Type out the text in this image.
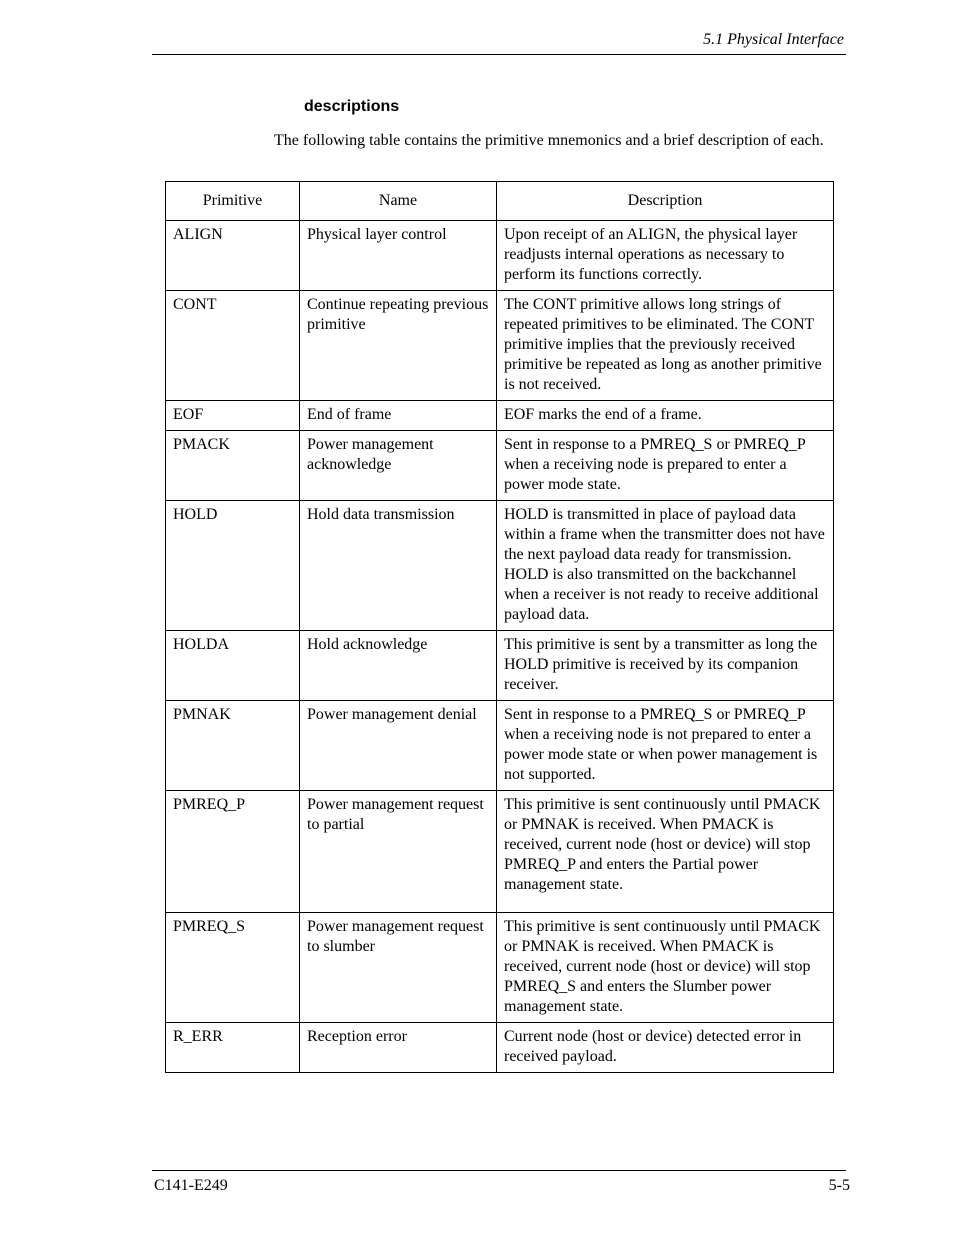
5.1 Physical Interface
descriptions
The following table contains the primitive mnemonics and a brief description of each.
Primitive	Name	Description
ALIGN	Physical layer control	Upon receipt of an ALIGN, the physical layer readjusts internal operations as necessary to perform its functions correctly.
CONT	Continue repeating previous primitive	The CONT primitive allows long strings of repeated primitives to be eliminated. The CONT primitive implies that the previously received primitive be repeated as long as another primitive is not received.
EOF	End of frame	EOF marks the end of a frame.
PMACK	Power management acknowledge	Sent in response to a PMREQ_S or PMREQ_P when a receiving node is prepared to enter a power mode state.
HOLD	Hold data transmission	HOLD is transmitted in place of payload data within a frame when the transmitter does not have the next payload data ready for transmission. HOLD is also transmitted on the backchannel when a receiver is not ready to receive additional payload data.
HOLDA	Hold acknowledge	This primitive is sent by a transmitter as long the HOLD primitive is received by its companion receiver.
PMNAK	Power management denial	Sent in response to a PMREQ_S or PMREQ_P when a receiving node is not prepared to enter a power mode state or when power management is not supported.
PMREQ_P	Power management request to partial	This primitive is sent continuously until PMACK or PMNAK is received. When PMACK is received, current node (host or device) will stop PMREQ_P and enters the Partial power management state.
PMREQ_S	Power management request to slumber	This primitive is sent continuously until PMACK or PMNAK is received. When PMACK is received, current node (host or device) will stop PMREQ_S and enters the Slumber power management state.
R_ERR	Reception error	Current node (host or device) detected error in received payload.
C141-E249	5-5
